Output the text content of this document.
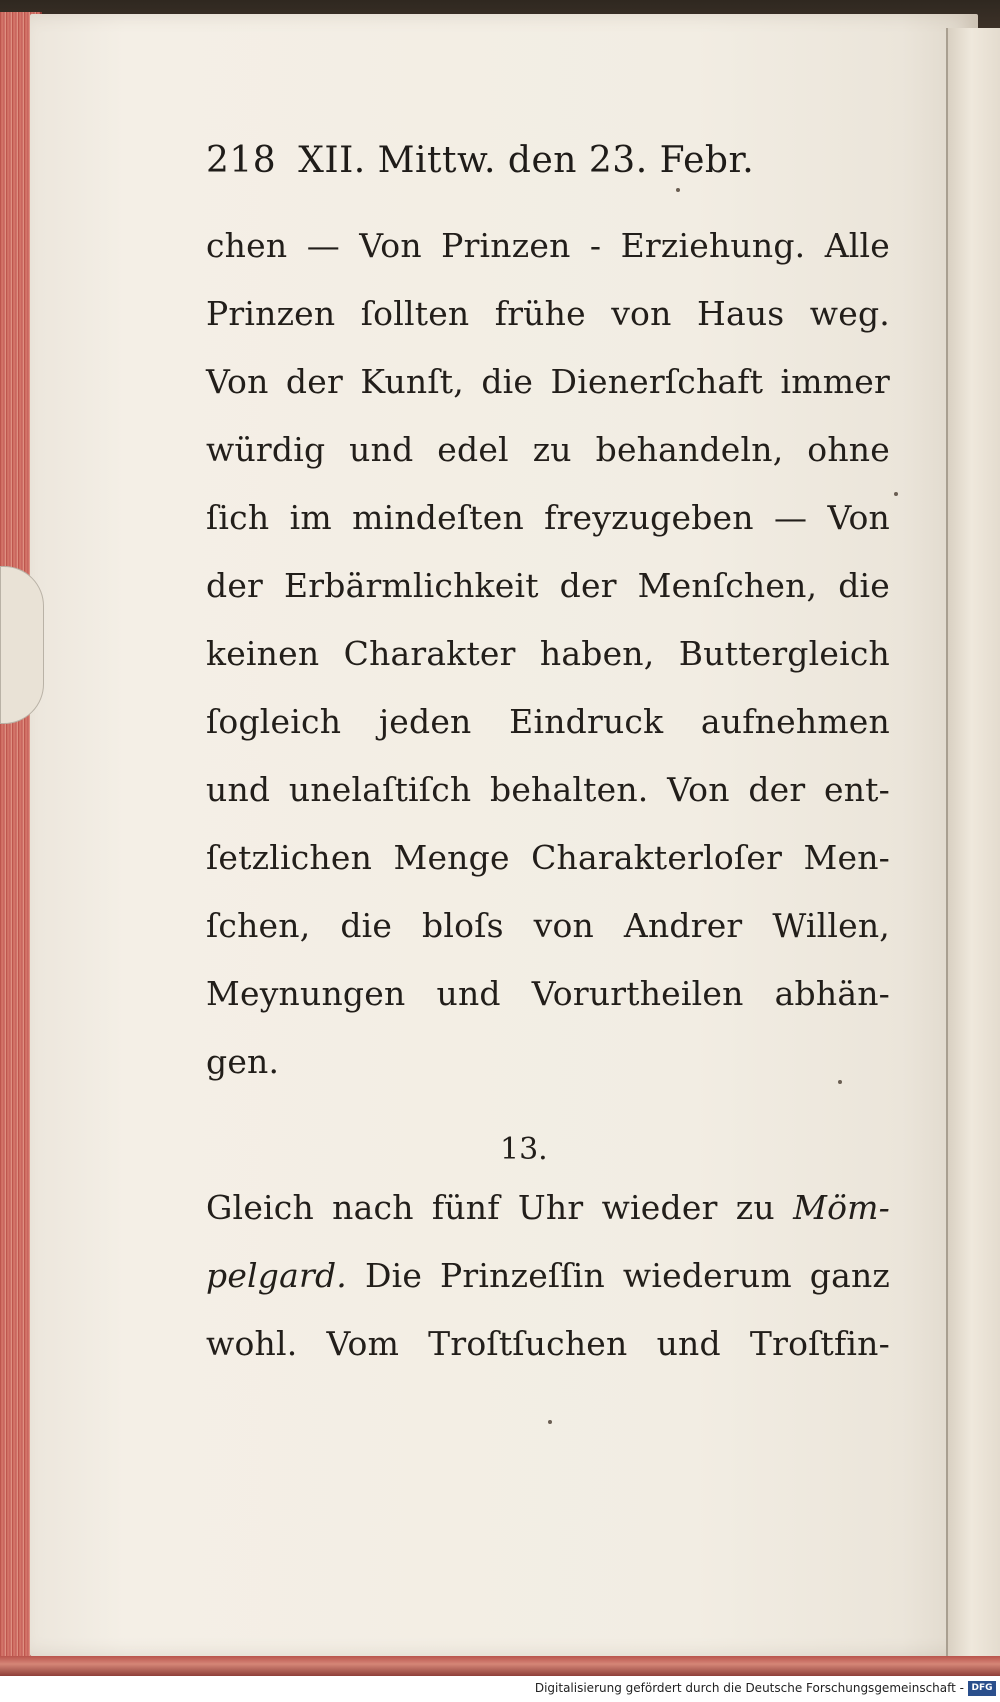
218 XII. Mittw. den 23. Febr.
chen — Von Prinzen - Erziehung. Alle
Prinzen ſollten frühe von Haus weg.
Von der Kunſt, die Dienerſchaft immer
würdig und edel zu behandeln, ohne
ſich im mindeſten freyzugeben — Von
der Erbärmlichkeit der Menſchen, die
keinen Charakter haben, Buttergleich
ſogleich jeden Eindruck aufnehmen
und unelaſtiſch behalten. Von der ent-
ſetzlichen Menge Charakterloſer Men-
ſchen, die bloſs von Andrer Willen,
Meynungen und Vorurtheilen abhän-
gen.
13.
Gleich nach fünf Uhr wieder zu Möm-
pelgard. Die Prinzeſſin wiederum ganz
wohl. Vom Troſtſuchen und Troſtfin-
Digitalisierung gefördert durch die Deutsche Forschungsgemeinschaft - DFG
